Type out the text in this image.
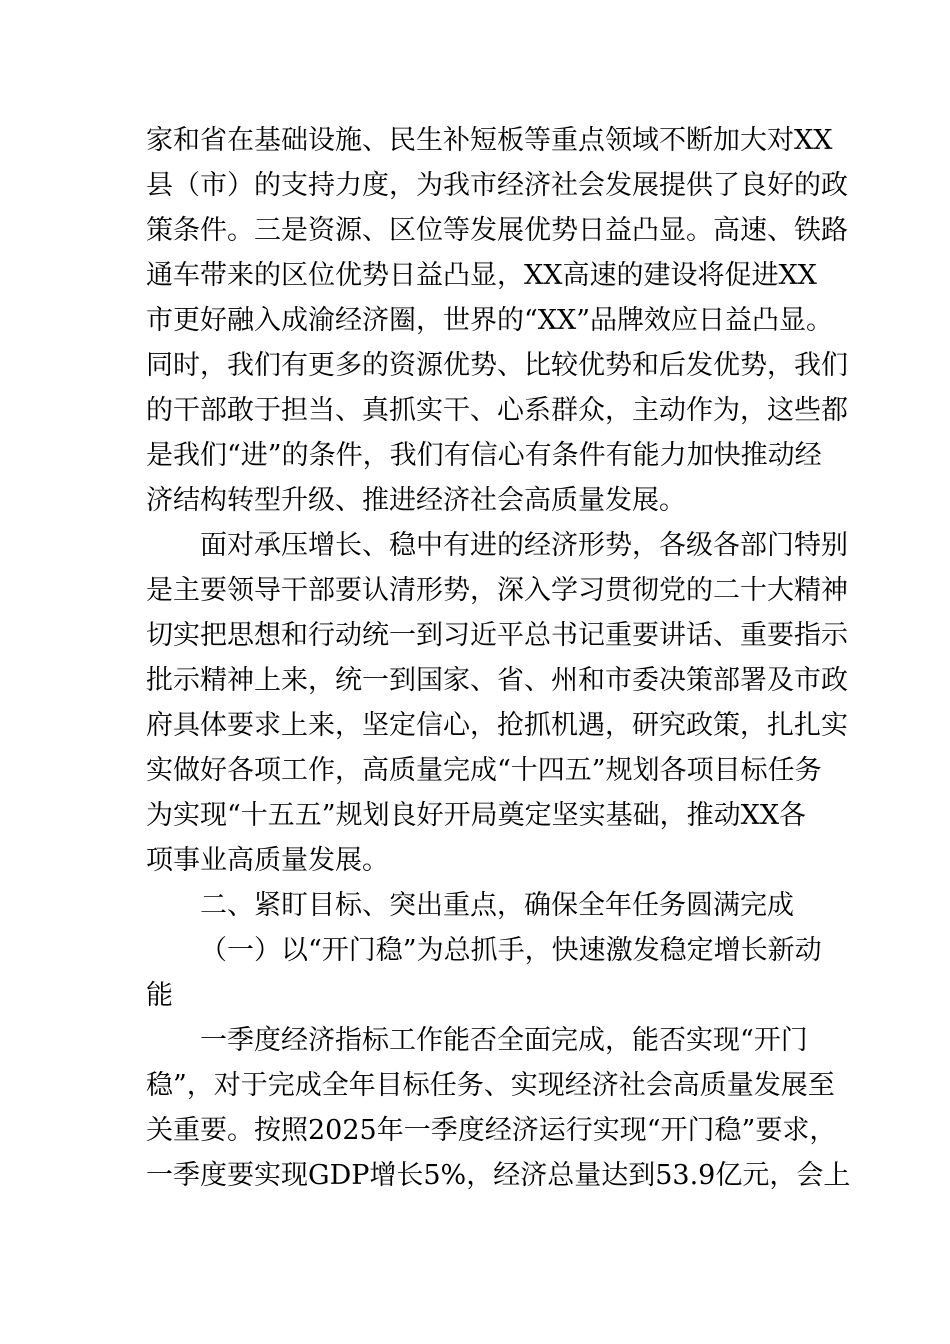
家和省在基础设施、民生补短板等重点领域不断加大对XX
县（市）的支持力度，为我市经济社会发展提供了良好的政
策条件。三是资源、区位等发展优势日益凸显。高速、铁路
通车带来的区位优势日益凸显，XX高速的建设将促进XX
市更好融入成渝经济圈，世界的“XX”品牌效应日益凸显。
同时，我们有更多的资源优势、比较优势和后发优势，我们
的干部敢于担当、真抓实干、心系群众，主动作为，这些都
是我们“进”的条件，我们有信心有条件有能力加快推动经
济结构转型升级、推进经济社会高质量发展。
面对承压增长、稳中有进的经济形势，各级各部门特别
是主要领导干部要认清形势，深入学习贯彻党的二十大精神
切实把思想和行动统一到习近平总书记重要讲话、重要指示
批示精神上来，统一到国家、省、州和市委决策部署及市政
府具体要求上来，坚定信心，抢抓机遇，研究政策，扎扎实
实做好各项工作，高质量完成“十四五”规划各项目标任务
为实现“十五五”规划良好开局奠定坚实基础，推动XX各
项事业高质量发展。
二、紧盯目标、突出重点，确保全年任务圆满完成
（一）以“开门稳”为总抓手，快速激发稳定增长新动
能
一季度经济指标工作能否全面完成，能否实现“开门
稳”，对于完成全年目标任务、实现经济社会高质量发展至
关重要。按照2025年一季度经济运行实现“开门稳”要求，
一季度要实现GDP增长5%，经济总量达到53.9亿元，会上
